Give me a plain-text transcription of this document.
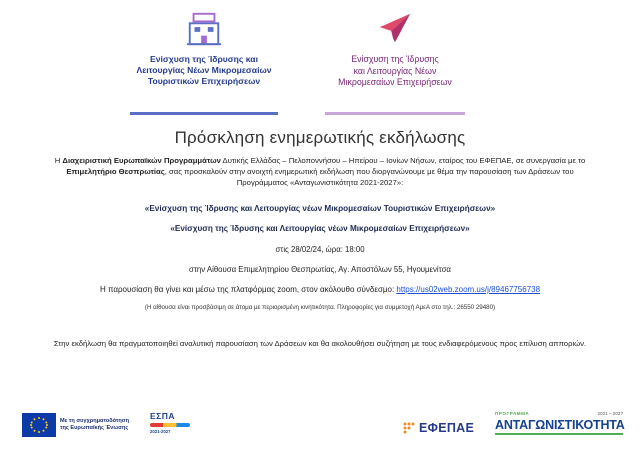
Ενίσχυση της Ίδρυσης και
Λειτουργίας Νέων Μικρομεσαίων
Τουριστικών Επιχειρήσεων
Ενίσχυση της Ίδρυσης
και Λειτουργίας Νέων
Μικρομεσαίων Επιχειρήσεων
Πρόσκληση ενημερωτικής εκδήλωσης
Η Διαχειριστική Ευρωπαϊκών Προγραμμάτων Δυτικής Ελλάδας – Πελοποννήσου – Ηπείρου – Ιονίων Νήσων, εταίρος του ΕΦΕΠΑΕ, σε συνεργασία με το Επιμελητήριο Θεσπρωτίας, σας προσκαλούν στην ανοιχτή ενημερωτική εκδήλωση που διοργανώνουμε με θέμα την παρουσίαση των Δράσεων του Προγράμματος «Ανταγωνιστικότητα 2021-2027»:
«Ενίσχυση της Ίδρυσης και Λειτουργίας νέων Μικρομεσαίων Τουριστικών Επιχειρήσεων»
«Ενίσχυση της Ίδρυσης και Λειτουργίας νέων Μικρομεσαίων Επιχειρήσεων»
στις 28/02/24, ώρα: 18:00
στην Αίθουσα Επιμελητηρίου Θεσπρωτίας, Αγ. Αποστόλων 55, Ηγουμενίτσα
Η παρουσίαση θα γίνει και μέσω της πλατφόρμας zoom, στον ακόλουθο σύνδεσμο: https://us02web.zoom.us/j/89467756738
(Η αίθουσα είναι προσβάσιμη σε άτομα με περιορισμένη κινητικότητα. Πληροφορίες για συμμετοχή ΑμεΑ στο τηλ.: 26550 29480)
Στην εκδήλωση θα πραγματοποιηθεί αναλυτική παρουσίαση των Δράσεων και θα ακολουθήσει συζήτηση με τους ενδιαφερόμενους προς επίλυση απποριών.
Με τη συγχρηματοδότηση
της Ευρωπαϊκής Ένωσης
ΕΣΠΑ
2021-2027	ΕΦΕΠΑΕ
ΠΡΟΓΡΑΜΜΑ	2021 – 2027
ΑΝΤΑΓΩΝΙΣΤΙΚΟΤΗΤΑ
